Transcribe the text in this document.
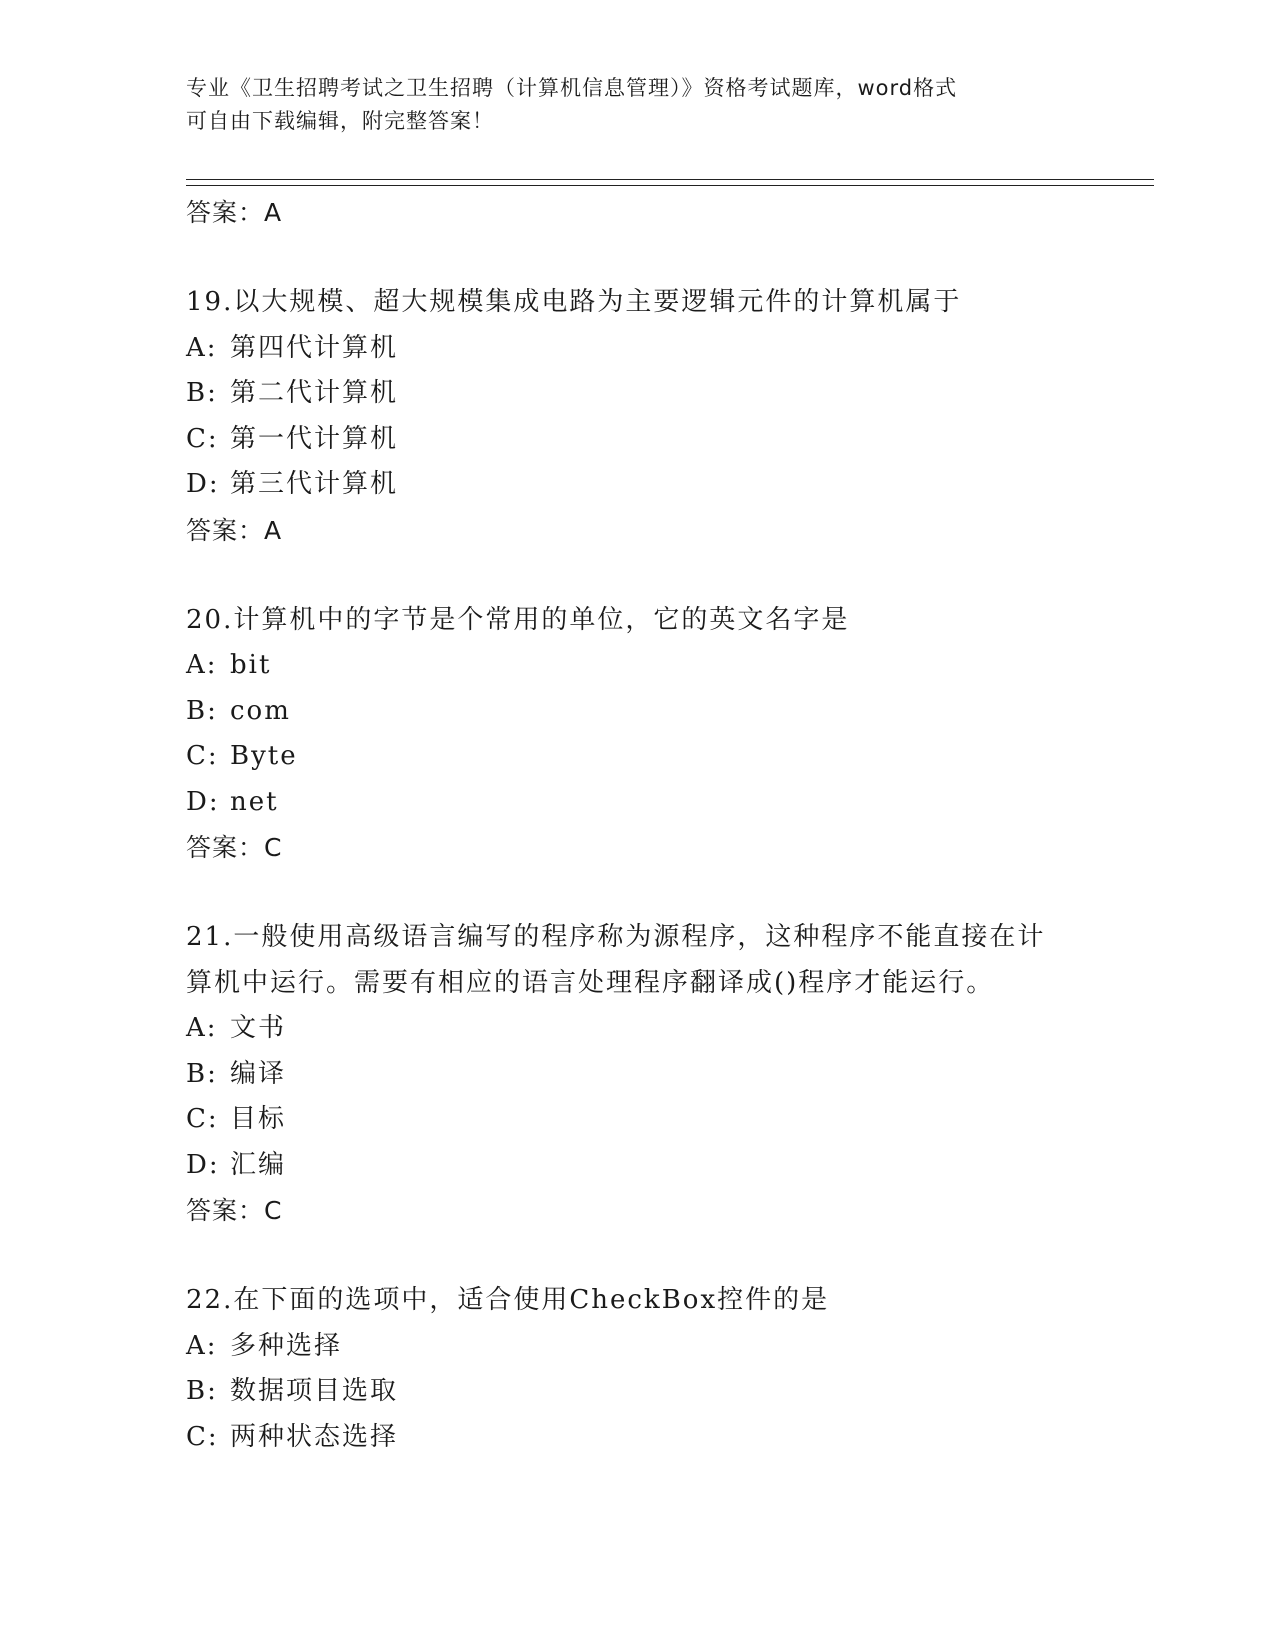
专业《卫生招聘考试之卫生招聘（计算机信息管理）》资格考试题库，word格式
可自由下载编辑，附完整答案！
答案：A
19.以大规模、超大规模集成电路为主要逻辑元件的计算机属于
A: 第四代计算机
B: 第二代计算机
C: 第一代计算机
D: 第三代计算机
答案：A
20.计算机中的字节是个常用的单位，它的英文名字是
A: bit
B: com
C: Byte
D: net
答案：C
21.一般使用高级语言编写的程序称为源程序，这种程序不能直接在计
算机中运行。需要有相应的语言处理程序翻译成()程序才能运行。
A: 文书
B: 编译
C: 目标
D: 汇编
答案：C
22.在下面的选项中，适合使用CheckBox控件的是
A: 多种选择
B: 数据项目选取
C: 两种状态选择
